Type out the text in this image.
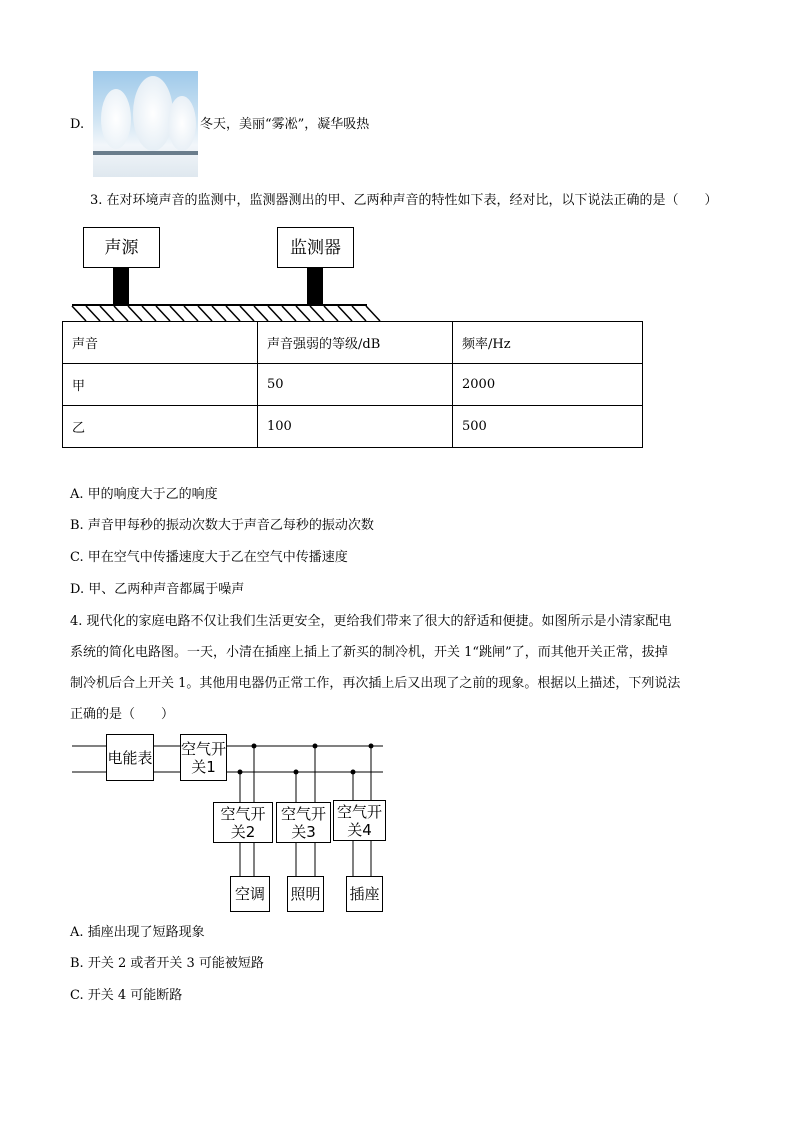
D.	冬天，美丽“雾凇”，凝华吸热
3. 在对环境声音的监测中，监测器测出的甲、乙两种声音的特性如下表，经对比，以下说法正确的是（　　）
声源	监测器
声音	声音强弱的等级/dB	频率/Hz
甲	50	2000
乙	100	500
A. 甲的响度大于乙的响度
B. 声音甲每秒的振动次数大于声音乙每秒的振动次数
C. 甲在空气中传播速度大于乙在空气中传播速度
D. 甲、乙两种声音都属于噪声
4. 现代化的家庭电路不仅让我们生活更安全，更给我们带来了很大的舒适和便捷。如图所示是小清家配电
系统的简化电路图。一天，小清在插座上插上了新买的制冷机，开关 1“跳闸”了，而其他开关正常，拔掉
制冷机后合上开关 1。其他用电器仍正常工作，再次插上后又出现了之前的现象。根据以上描述，下列说法
正确的是（　　）
电能表 空气开
关1
空气开
关2
空气开
关3
空气开
关4
空调 照明 插座
A. 插座出现了短路现象
B. 开关 2 或者开关 3 可能被短路
C. 开关 4 可能断路
